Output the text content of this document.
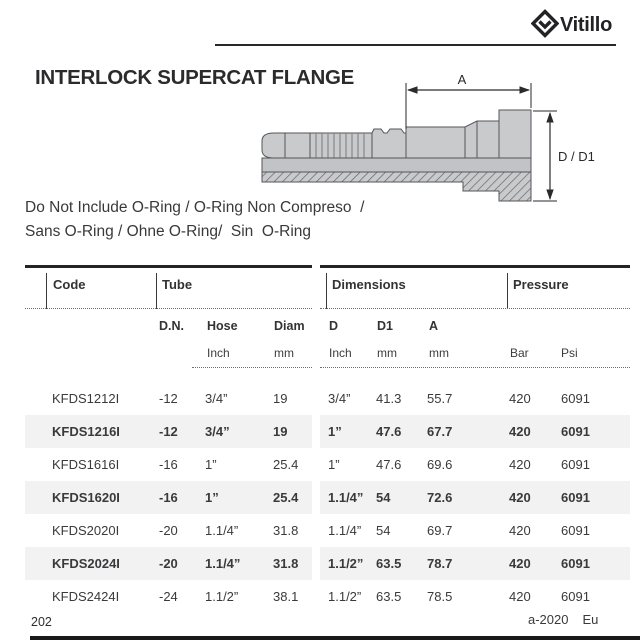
Vitillo
INTERLOCK SUPERCAT FLANGE	A
D / D1
Do Not Include O-Ring / O-Ring Non Compreso  /
Sans O-Ring / Ohne O-Ring/  Sin  O-Ring
Code	Tube	Dimensions	Pressure
D.N. Hose	Diam D	D1	A
Inch	mm	Inch mm	mm	Bar	Psi
KFDS1212I	-12 3/4”	19	3/4” 41.3 55.7	420 6091
KFDS1216I	-12 3/4”	19	1”	47.6 67.7	420 6091
KFDS1616I	-16 1”	25.4 1”	47.6 69.6	420 6091
KFDS1620I	-16 1”	25.4 1.1/4” 54	72.6	420 6091
KFDS2020I	-20 1.1/4”	31.8 1.1/4” 54	69.7	420 6091
KFDS2024I	-20 1.1/4”	31.8 1.1/2” 63.5 78.7	420 6091
KFDS2424I	-24 1.1/2”	38.1 1.1/2” 63.5 78.5	420 6091
202	a-2020 Eu
